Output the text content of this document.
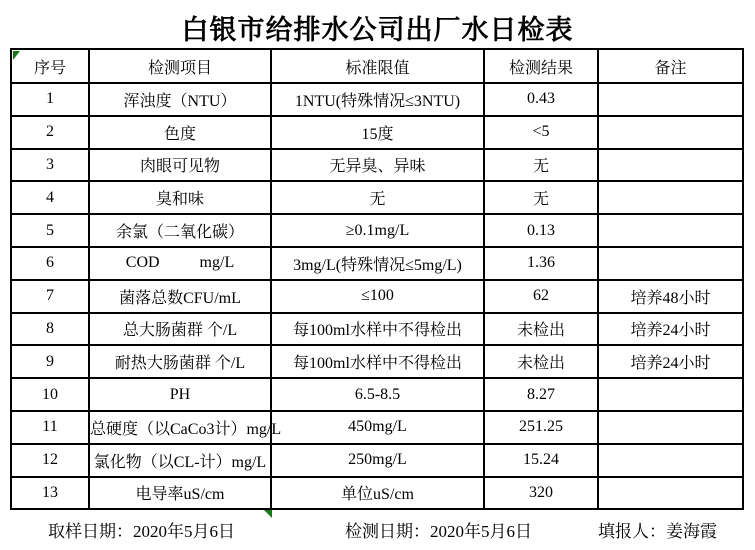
白银市给排水公司出厂水日检表
序号	检测项目	标准限值	检测结果	备注
1	浑浊度（NTU）	1NTU(特殊情况≤3NTU)	0.43	
2	色度	15度	<5	
3	肉眼可见物	无异臭、异味	无	
4	臭和味	无	无	
5	余氯（二氧化碳）	≥0.1mg/L	0.13	
6	COD          mg/L	3mg/L(特殊情况≤5mg/L)	1.36	
7	菌落总数CFU/mL	≤100	62	培养48小时
8	总大肠菌群 个/L	每100ml水样中不得检出	未检出	培养24小时
9	耐热大肠菌群 个/L	每100ml水样中不得检出	未检出	培养24小时
10	PH	6.5-8.5	8.27	
11	总硬度（以CaCo3计）mg/L	450mg/L	251.25	
12	氯化物（以CL-计）mg/L	250mg/L	15.24	
13	电导率uS/cm	单位uS/cm	320	
取样日期：2020年5月6日	检测日期：2020年5月6日	填报人：姜海霞
